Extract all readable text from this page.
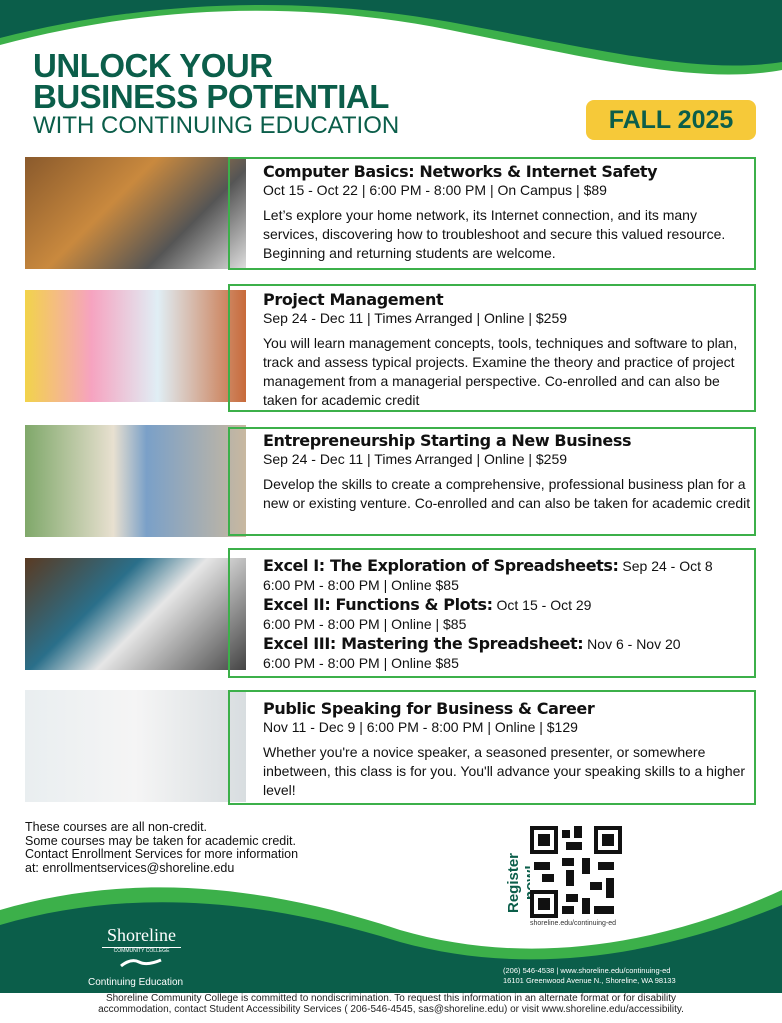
UNLOCK YOUR
BUSINESS POTENTIAL
WITH CONTINUING EDUCATION	FALL 2025
Computer Basics: Networks & Internet Safety
Oct 15 - Oct 22 | 6:00 PM - 8:00 PM | On Campus | $89
Let’s explore your home network, its Internet connection, and its many services, discovering how to troubleshoot and secure this valued resource. Beginning and returning students are welcome.
Project Management
Sep 24 - Dec 11 | Times Arranged | Online | $259
You will learn management concepts, tools, techniques and software to plan, track and assess typical projects. Examine the theory and practice of project management from a managerial perspective. Co-enrolled and can also be taken for academic credit
Entrepreneurship Starting a New Business
Sep 24 - Dec 11 | Times Arranged | Online | $259
Develop the skills to create a comprehensive, professional business plan for a new or existing venture. Co-enrolled and can also be taken for academic credit
Excel I: The Exploration of Spreadsheets: Sep 24 - Oct 8
6:00 PM - 8:00 PM | Online $85
Excel II: Functions & Plots: Oct 15 - Oct 29
6:00 PM - 8:00 PM | Online | $85
Excel III: Mastering the Spreadsheet: Nov 6 - Nov 20
6:00 PM - 8:00 PM | Online $85
Public Speaking for Business & Career
Nov 11 - Dec 9 | 6:00 PM - 8:00 PM | Online | $129
Whether you're a novice speaker, a seasoned presenter, or somewhere inbetween, this class is for you. You'll advance your speaking skills to a higher level!
These courses are all non-credit.
Some courses may be taken for academic credit.
Contact Enrollment Services for more information
at: enrollmentservices@shoreline.edu	Register
shoreline.edu/continuing-ed
Shoreline
COMMUNITY COLLEGE
Continuing Education
(206) 546-4538 | www.shoreline.edu/continuing-ed
16101 Greenwood Avenue N., Shoreline, WA 98133
Shoreline Community College is committed to nondiscrimination. To request this information in an alternate format or for disability
accommodation, contact Student Accessibility Services ( 206-546-4545, sas@shoreline.edu) or visit www.shoreline.edu/accessibility.
